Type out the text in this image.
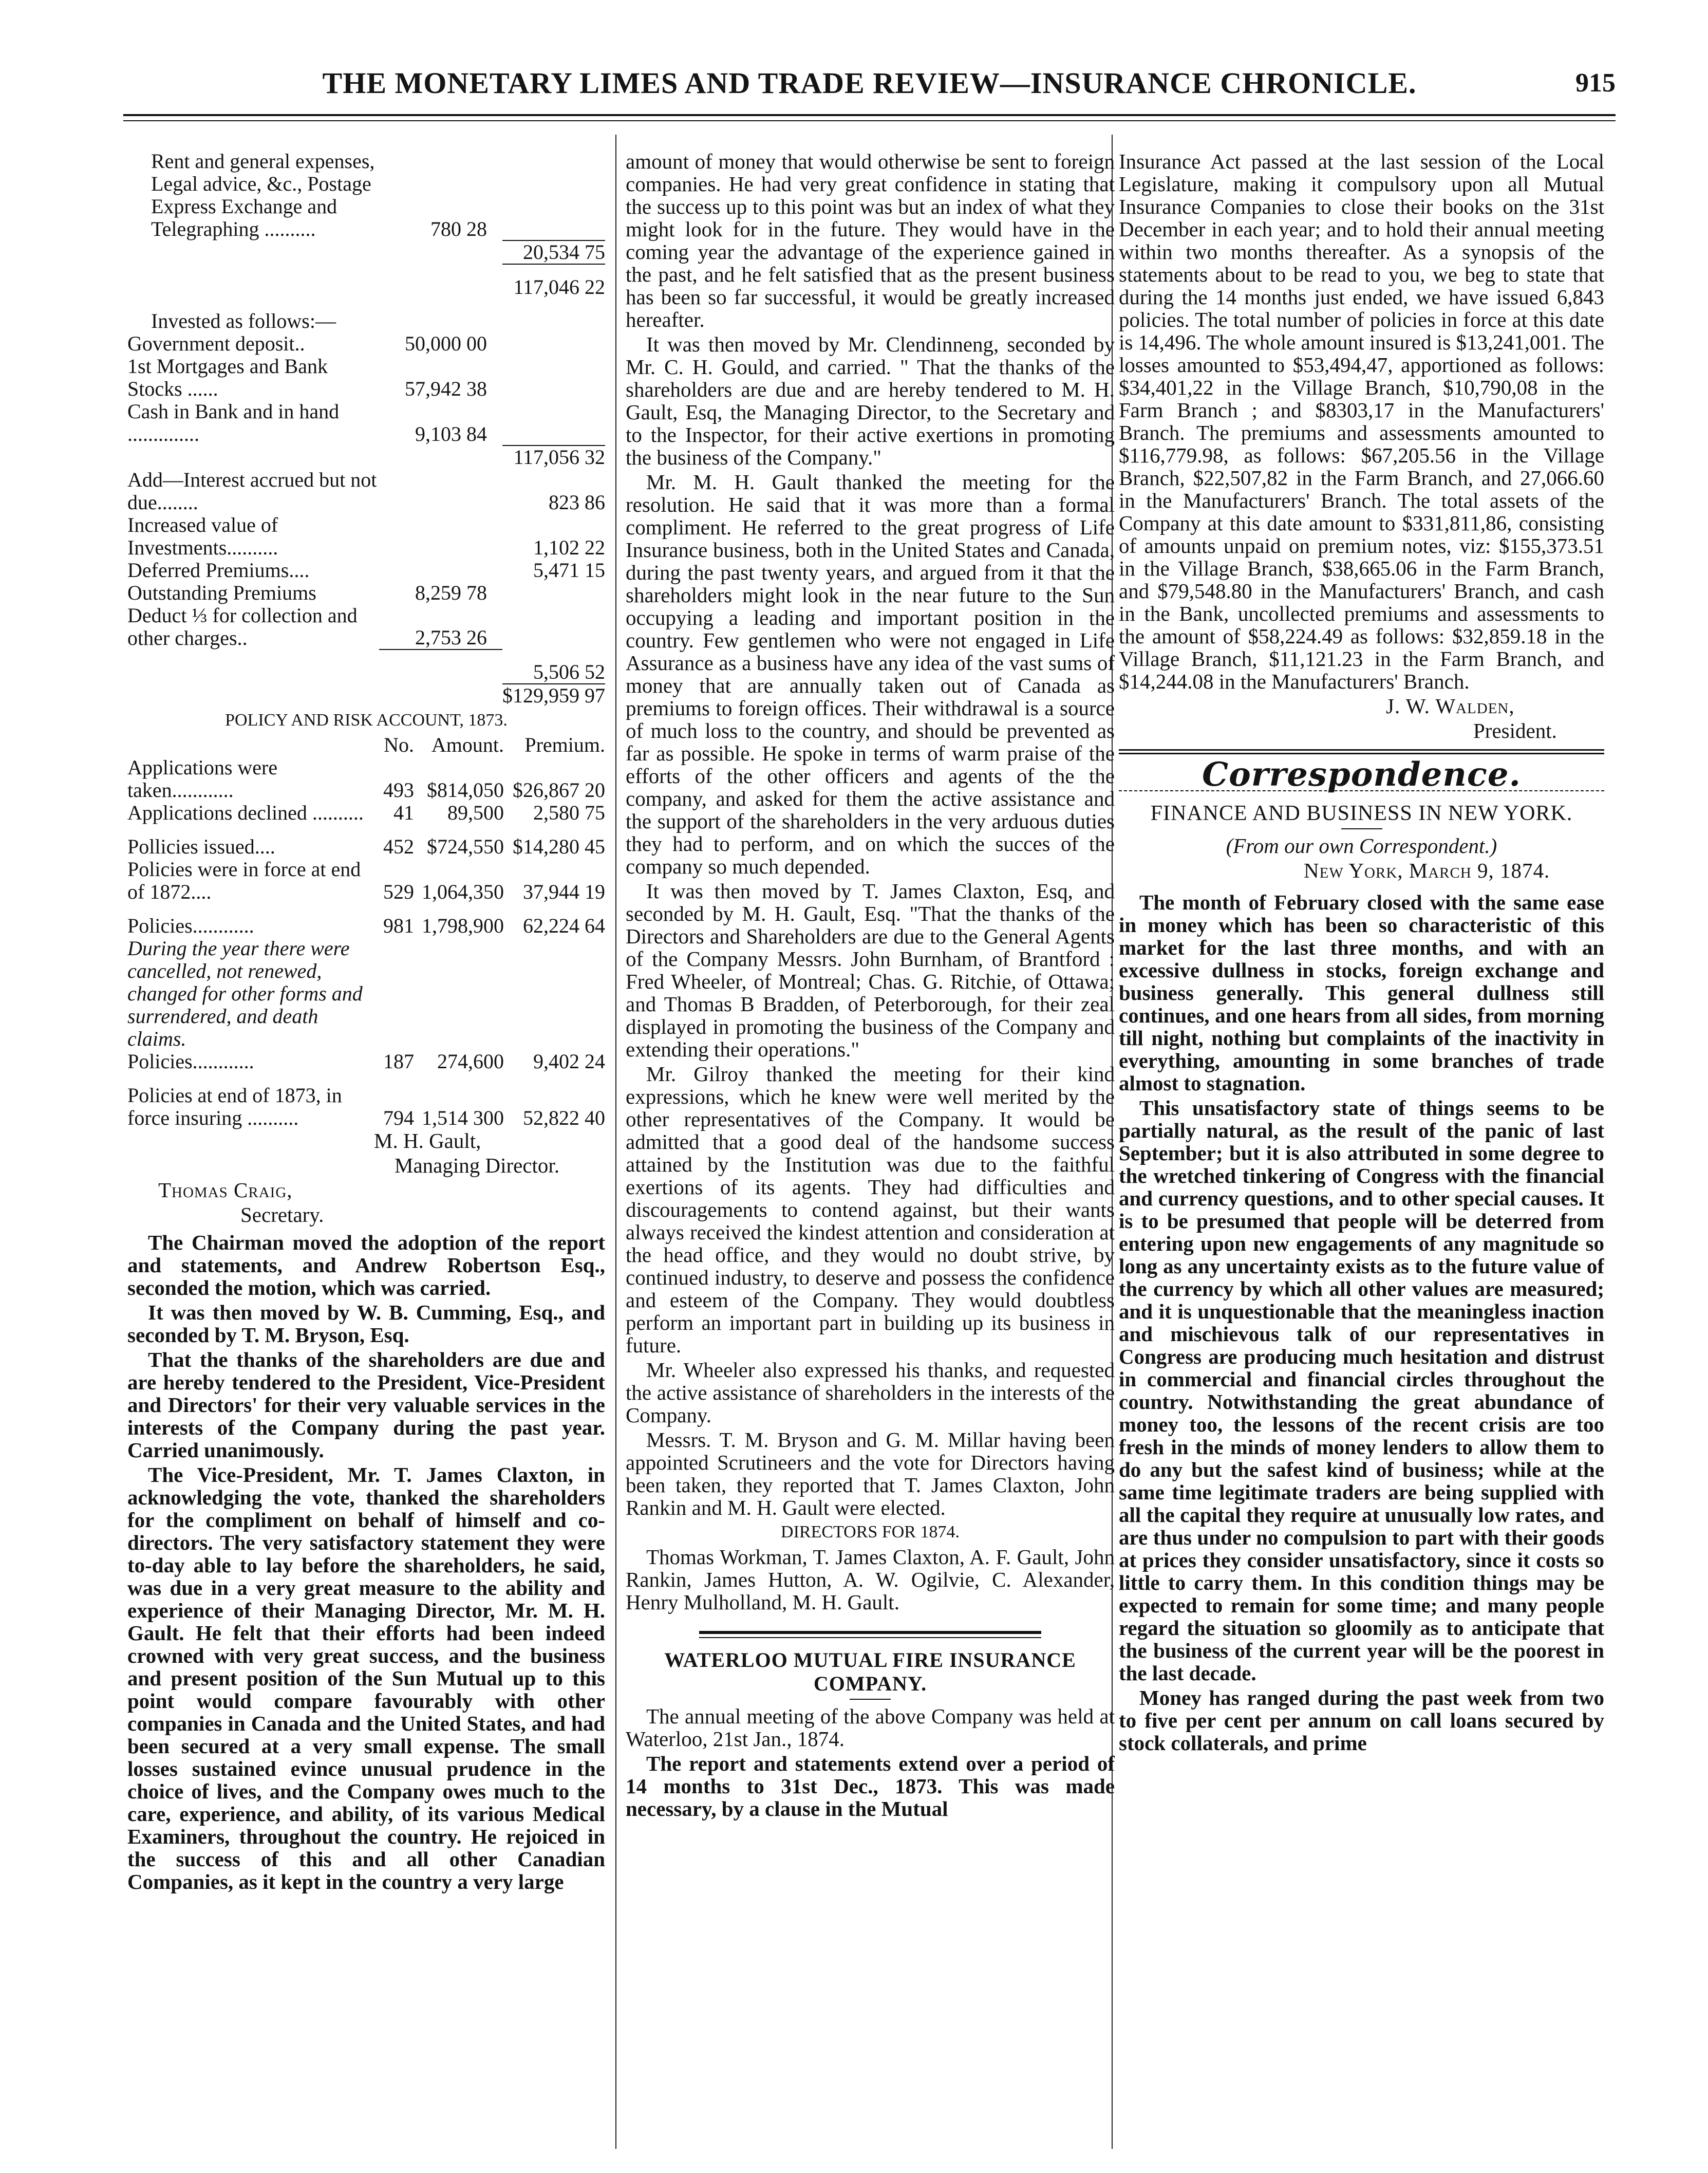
THE MONETARY LIMES AND TRADE REVIEW—INSURANCE CHRONICLE.	915
Rent and general expenses, Legal advice, &c., Postage Express Exchange and Telegraphing ..........	780 28	
		20,534 75
		117,046 22
Invested as follows:—		
Government deposit..	50,000 00	
1st Mortgages and Bank Stocks ......	57,942 38	
Cash in Bank and in hand ..............	9,103 84	
		117,056 32
Add—Interest accrued but not due........		823 86
Increased value of Investments..........		1,102 22
Deferred Premiums....		5,471 15
Outstanding Premiums	8,259 78	
Deduct ⅓ for collection and other charges..	2,753 26	
		5,506 52
		$129,959 97

POLICY AND RISK ACCOUNT, 1873.

	No.	Amount.	Premium.
Applications were taken............	493	$814,050	$26,867 20
Applications declined ..........	41	89,500	2,580 75
Pollicies issued....	452	$724,550	$14,280 45
Policies were in force at end of 1872....	529	1,064,350	37,944 19
Policies............	981	1,798,900	62,224 64
During the year there were cancelled, not renewed, changed for other forms and surrendered, and death claims.			
Policies............	187	274,600	9,402 24
Policies at end of 1873, in force insuring ..........	794	1,514 300	52,822 40

M. H. Gault,

Managing Director.

Thomas Craig,

Secretary.

The Chairman moved the adoption of the report and statements, and Andrew Robertson Esq., seconded the motion, which was carried.

It was then moved by W. B. Cumming, Esq., and seconded by T. M. Bryson, Esq.

That the thanks of the shareholders are due and are hereby tendered to the President, Vice-President and Directors' for their very valuable services in the interests of the Company during the past year. Carried unanimously.

The Vice-President, Mr. T. James Claxton, in acknowledging the vote, thanked the shareholders for the compliment on behalf of himself and co-directors. The very satisfactory statement they were to-day able to lay before the shareholders, he said, was due in a very great measure to the ability and experience of their Managing Director, Mr. M. H. Gault. He felt that their efforts had been indeed crowned with very great success, and the business and present position of the Sun Mutual up to this point would compare favourably with other companies in Canada and the United States, and had been secured at a very small expense. The small losses sustained evince unusual prudence in the choice of lives, and the Company owes much to the care, experience, and ability, of its various Medical Examiners, throughout the country. He rejoiced in the success of this and all other Canadian Companies, as it kept in the country a very large

amount of money that would otherwise be sent to foreign companies. He had very great confidence in stating that the success up to this point was but an index of what they might look for in the future. They would have in the coming year the advantage of the experience gained in the past, and he felt satisfied that as the present business has been so far successful, it would be greatly increased hereafter.

It was then moved by Mr. Clendinneng, seconded by Mr. C. H. Gould, and carried. " That the thanks of the shareholders are due and are hereby tendered to M. H. Gault, Esq, the Managing Director, to the Secretary and to the Inspector, for their active exertions in promoting the business of the Company."

Mr. M. H. Gault thanked the meeting for the resolution. He said that it was more than a formal compliment. He referred to the great progress of Life Insurance business, both in the United States and Canada, during the past twenty years, and argued from it that the shareholders might look in the near future to the Sun occupying a leading and important position in the country. Few gentlemen who were not engaged in Life Assurance as a business have any idea of the vast sums of money that are annually taken out of Canada as premiums to foreign offices. Their withdrawal is a source of much loss to the country, and should be prevented as far as possible. He spoke in terms of warm praise of the efforts of the other officers and agents of the the company, and asked for them the active assistance and the support of the shareholders in the very arduous duties they had to perform, and on which the succes of the company so much depended.

It was then moved by T. James Claxton, Esq, and seconded by M. H. Gault, Esq. "That the thanks of the Directors and Shareholders are due to the General Agents of the Company Messrs. John Burnham, of Brantford : Fred Wheeler, of Montreal; Chas. G. Ritchie, of Ottawa; and Thomas B Bradden, of Peterborough, for their zeal displayed in promoting the business of the Company and extending their operations."

Mr. Gilroy thanked the meeting for their kind expressions, which he knew were well merited by the other representatives of the Company. It would be admitted that a good deal of the handsome success attained by the Institution was due to the faithful exertions of its agents. They had difficulties and discouragements to contend against, but their wants always received the kindest attention and consideration at the head office, and they would no doubt strive, by continued industry, to deserve and possess the confidence and esteem of the Company. They would doubtless perform an important part in building up its business in future.

Mr. Wheeler also expressed his thanks, and requested the active assistance of shareholders in the interests of the Company.

Messrs. T. M. Bryson and G. M. Millar having been appointed Scrutineers and the vote for Directors having been taken, they reported that T. James Claxton, John Rankin and M. H. Gault were elected.

DIRECTORS FOR 1874.

Thomas Workman, T. James Claxton, A. F. Gault, John Rankin, James Hutton, A. W. Ogilvie, C. Alexander, Henry Mulholland, M. H. Gault.

WATERLOO MUTUAL FIRE INSURANCE COMPANY.

The annual meeting of the above Company was held at Waterloo, 21st Jan., 1874.

The report and statements extend over a period of 14 months to 31st Dec., 1873. This was made necessary, by a clause in the Mutual

Insurance Act passed at the last session of the Local Legislature, making it compulsory upon all Mutual Insurance Companies to close their books on the 31st December in each year; and to hold their annual meeting within two months thereafter. As a synopsis of the statements about to be read to you, we beg to state that during the 14 months just ended, we have issued 6,843 policies. The total number of policies in force at this date is 14,496. The whole amount insured is $13,241,001. The losses amounted to $53,494,47, apportioned as follows: $34,401,22 in the Village Branch, $10,790,08 in the Farm Branch ; and $8303,17 in the Manufacturers' Branch. The premiums and assessments amounted to $116,779.98, as follows: $67,205.56 in the Village Branch, $22,507,82 in the Farm Branch, and 27,066.60 in the Manufacturers' Branch. The total assets of the Company at this date amount to $331,811,86, consisting of amounts unpaid on premium notes, viz: $155,373.51 in the Village Branch, $38,665.06 in the Farm Branch, and $79,548.80 in the Manufacturers' Branch, and cash in the Bank, uncollected premiums and assessments to the amount of $58,224.49 as follows: $32,859.18 in the Village Branch, $11,121.23 in the Farm Branch, and $14,244.08 in the Manufacturers' Branch.

J. W. Walden,

President.

Correspondence.

FINANCE AND BUSINESS IN NEW YORK.

(From our own Correspondent.)

New York, March 9, 1874.

The month of February closed with the same ease in money which has been so characteristic of this market for the last three months, and with an excessive dullness in stocks, foreign exchange and business generally. This general dullness still continues, and one hears from all sides, from morning till night, nothing but complaints of the inactivity in everything, amounting in some branches of trade almost to stagnation.

This unsatisfactory state of things seems to be partially natural, as the result of the panic of last September; but it is also attributed in some degree to the wretched tinkering of Congress with the financial and currency questions, and to other special causes. It is to be presumed that people will be deterred from entering upon new engagements of any magnitude so long as any uncertainty exists as to the future value of the currency by which all other values are measured; and it is unquestionable that the meaningless inaction and mischievous talk of our representatives in Congress are producing much hesitation and distrust in commercial and financial circles throughout the country. Notwithstanding the great abundance of money too, the lessons of the recent crisis are too fresh in the minds of money lenders to allow them to do any but the safest kind of business; while at the same time legitimate traders are being supplied with all the capital they require at unusually low rates, and are thus under no compulsion to part with their goods at prices they consider unsatisfactory, since it costs so little to carry them. In this condition things may be expected to remain for some time; and many people regard the situation so gloomily as to anticipate that the business of the current year will be the poorest in the last decade.

Money has ranged during the past week from two to five per cent per annum on call loans secured by stock collaterals, and prime
